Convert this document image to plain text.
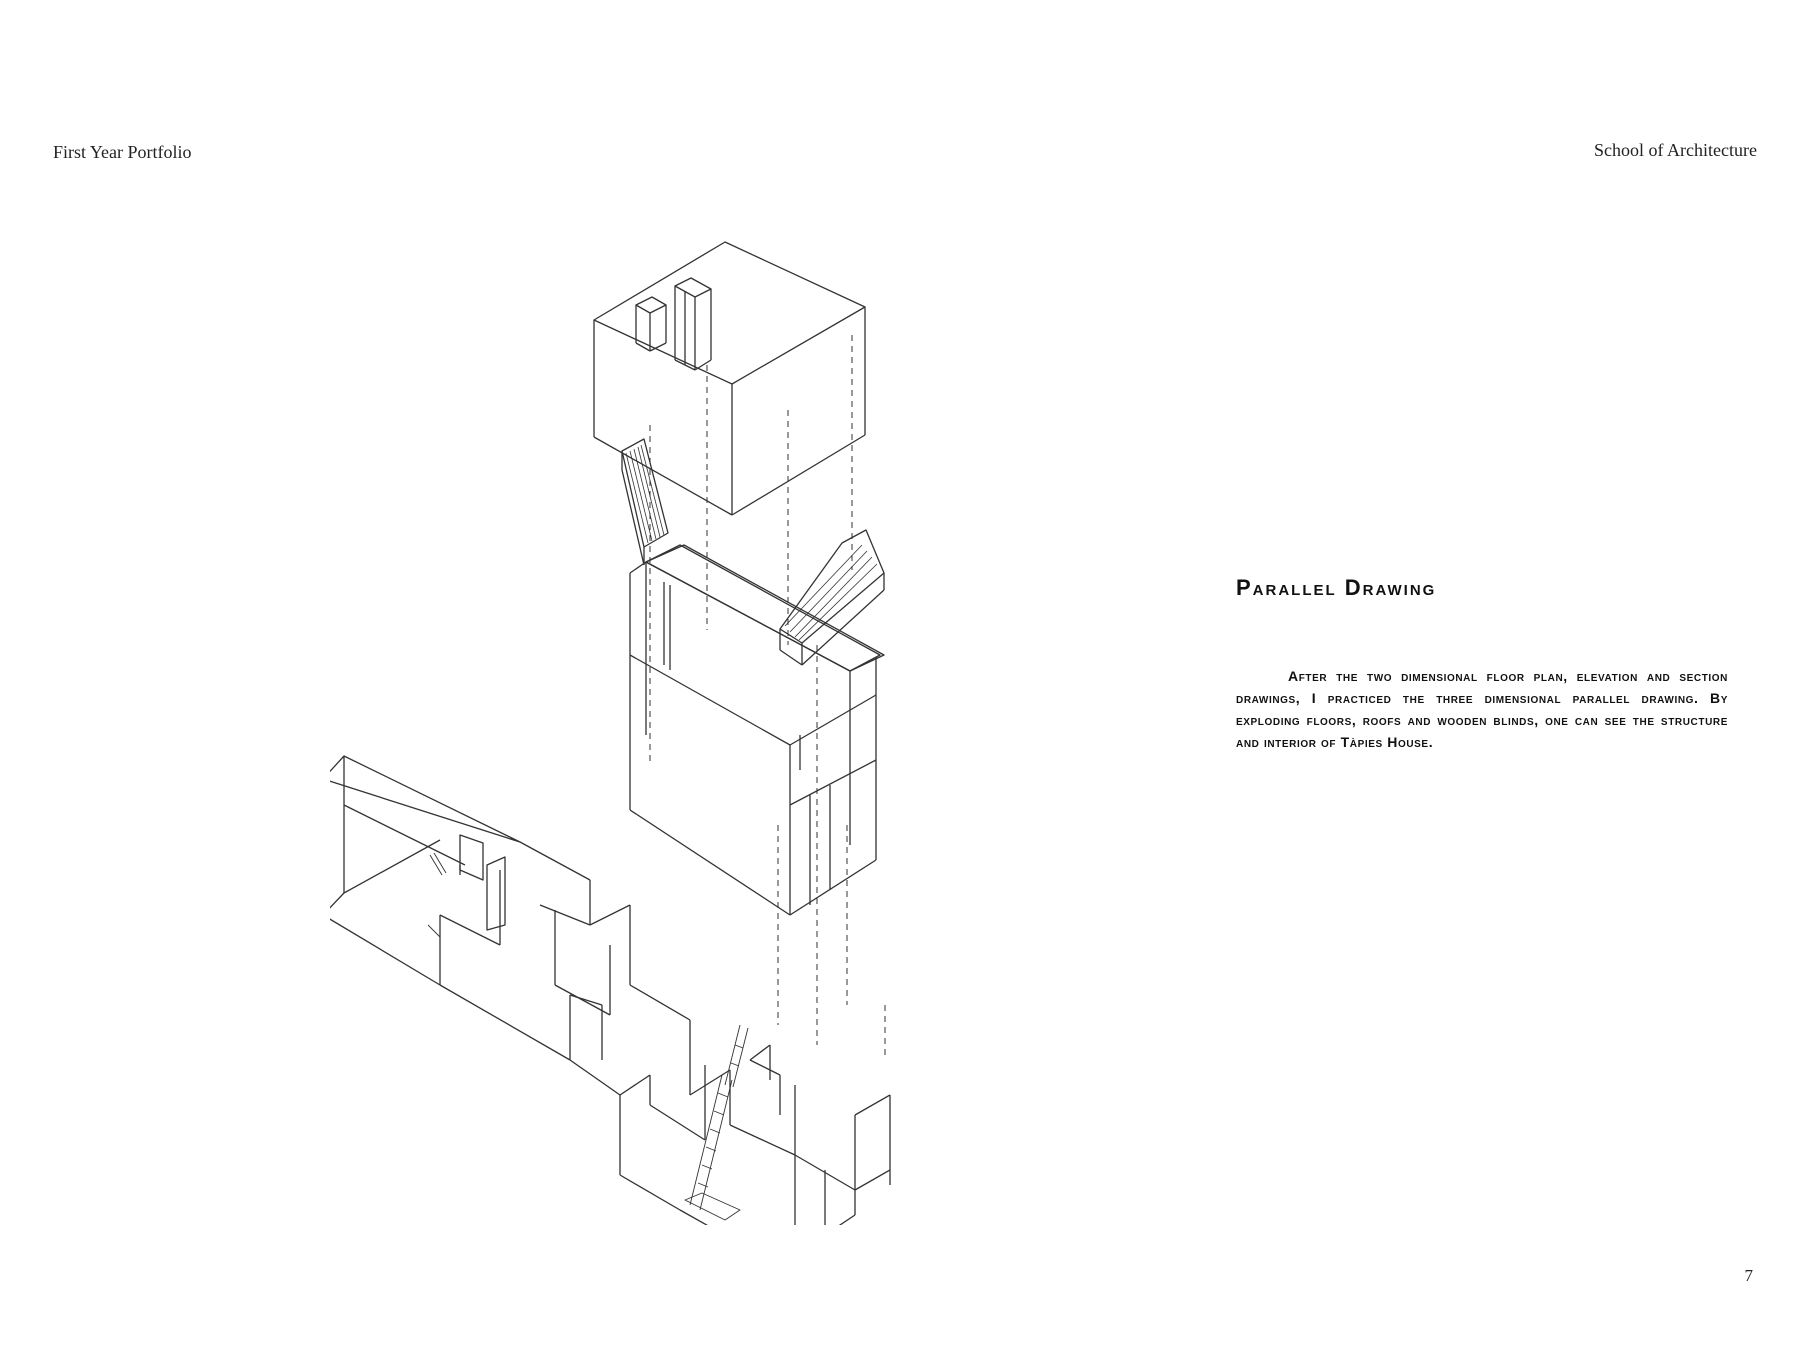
First Year Portfolio	School of Architecture
Parallel Drawing
After the two dimensional floor plan, elevation and section drawings, I practiced the three dimensional parallel drawing. By exploding floors, roofs and wooden blinds, one can see the structure and interior of Tàpies House.
7
